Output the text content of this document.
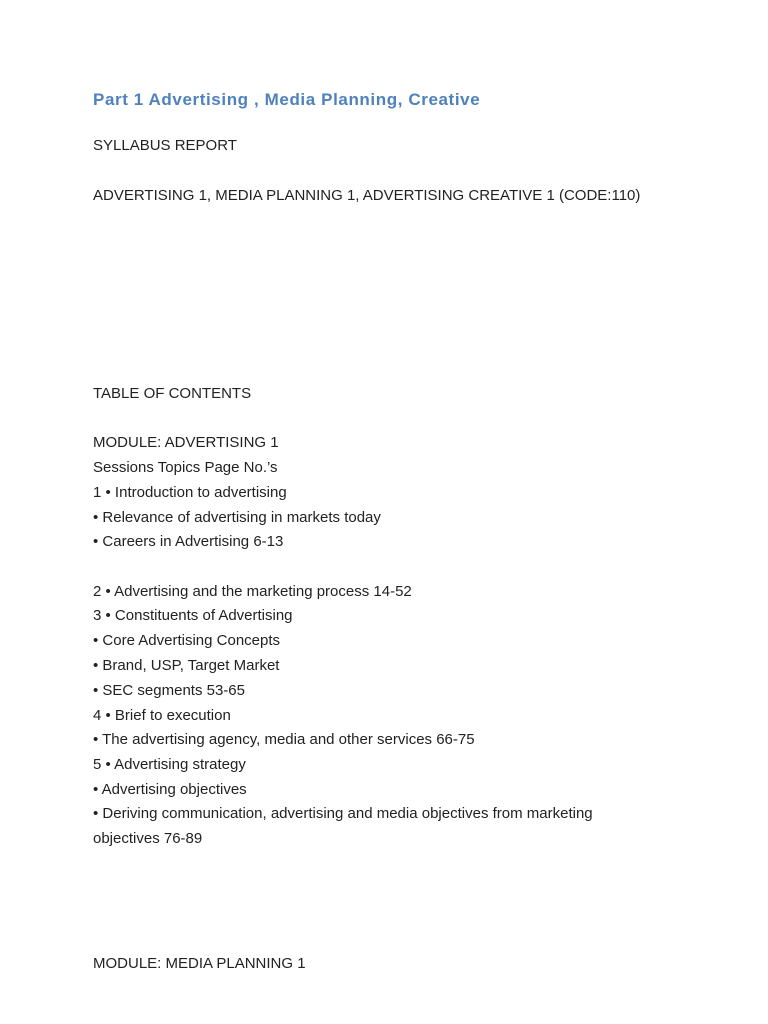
Part 1 Advertising , Media Planning, Creative
SYLLABUS REPORT
ADVERTISING 1, MEDIA PLANNING 1, ADVERTISING CREATIVE 1 (CODE:110)
TABLE OF CONTENTS
MODULE: ADVERTISING 1
Sessions Topics Page No.’s
1 • Introduction to advertising
• Relevance of advertising in markets today
• Careers in Advertising 6-13
2 • Advertising and the marketing process 14-52
3 • Constituents of Advertising
• Core Advertising Concepts
• Brand, USP, Target Market
• SEC segments 53-65
4 • Brief to execution
• The advertising agency, media and other services 66-75
5 • Advertising strategy
• Advertising objectives
• Deriving communication, advertising and media objectives from marketing objectives 76-89
MODULE: MEDIA PLANNING 1
